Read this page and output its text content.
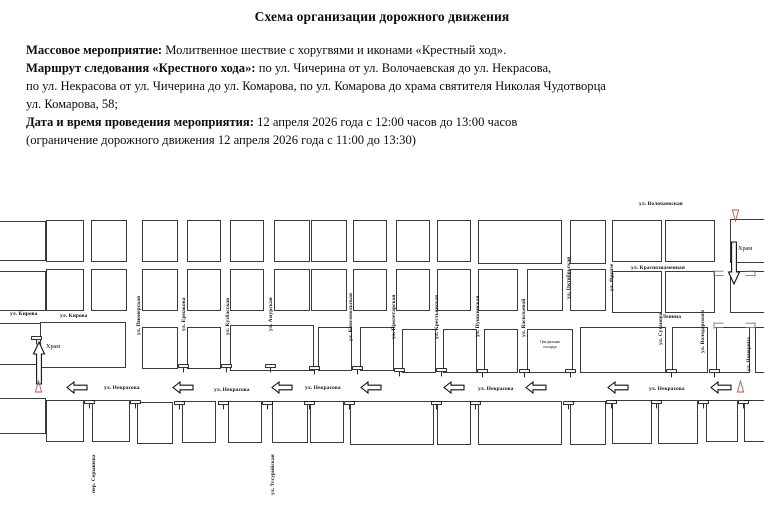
Схема организации дорожного движения
Массовое мероприятие: Молитвенное шествие с хоругвями и иконами «Крестный ход».
Маршрут следования «Крестного хода»: по ул. Чичерина от ул. Волочаевская до ул. Некрасова,
по ул. Некрасова от ул. Чичерина до ул. Комарова, по ул. Комарова до храма святителя Николая Чудотворца
ул. Комарова, 58;
Дата и время проведения мероприятия: 12 апреля 2026 года с 12:00 часов до 13:00 часов
(ограничение дорожного движения 12 апреля 2026 года с 11:00 до 13:30)
ул. Кирова	ул. Кирова
ул. Волочаевская
ул. Краснознаменная
Ленина
ул. Некрасова	ул. Некрасова	ул. Некрасова	ул. Некрасова	ул. Некрасова
ул. Пионерская	ул. Ермакова	ул. Кузбасская	ул. Амурская	ул. Комсомольская	ул. Пролетарская	ул. Крестьянская	ул. Пушкинская	ул. Васильевой
ул. Октябрьская	ул. Фрунзе
ул. Суханова	ул. Володарского
ул. Чичерина
пер. Серышева	ул. Уссурийская
Храм
Храм
Центральная
площадь
